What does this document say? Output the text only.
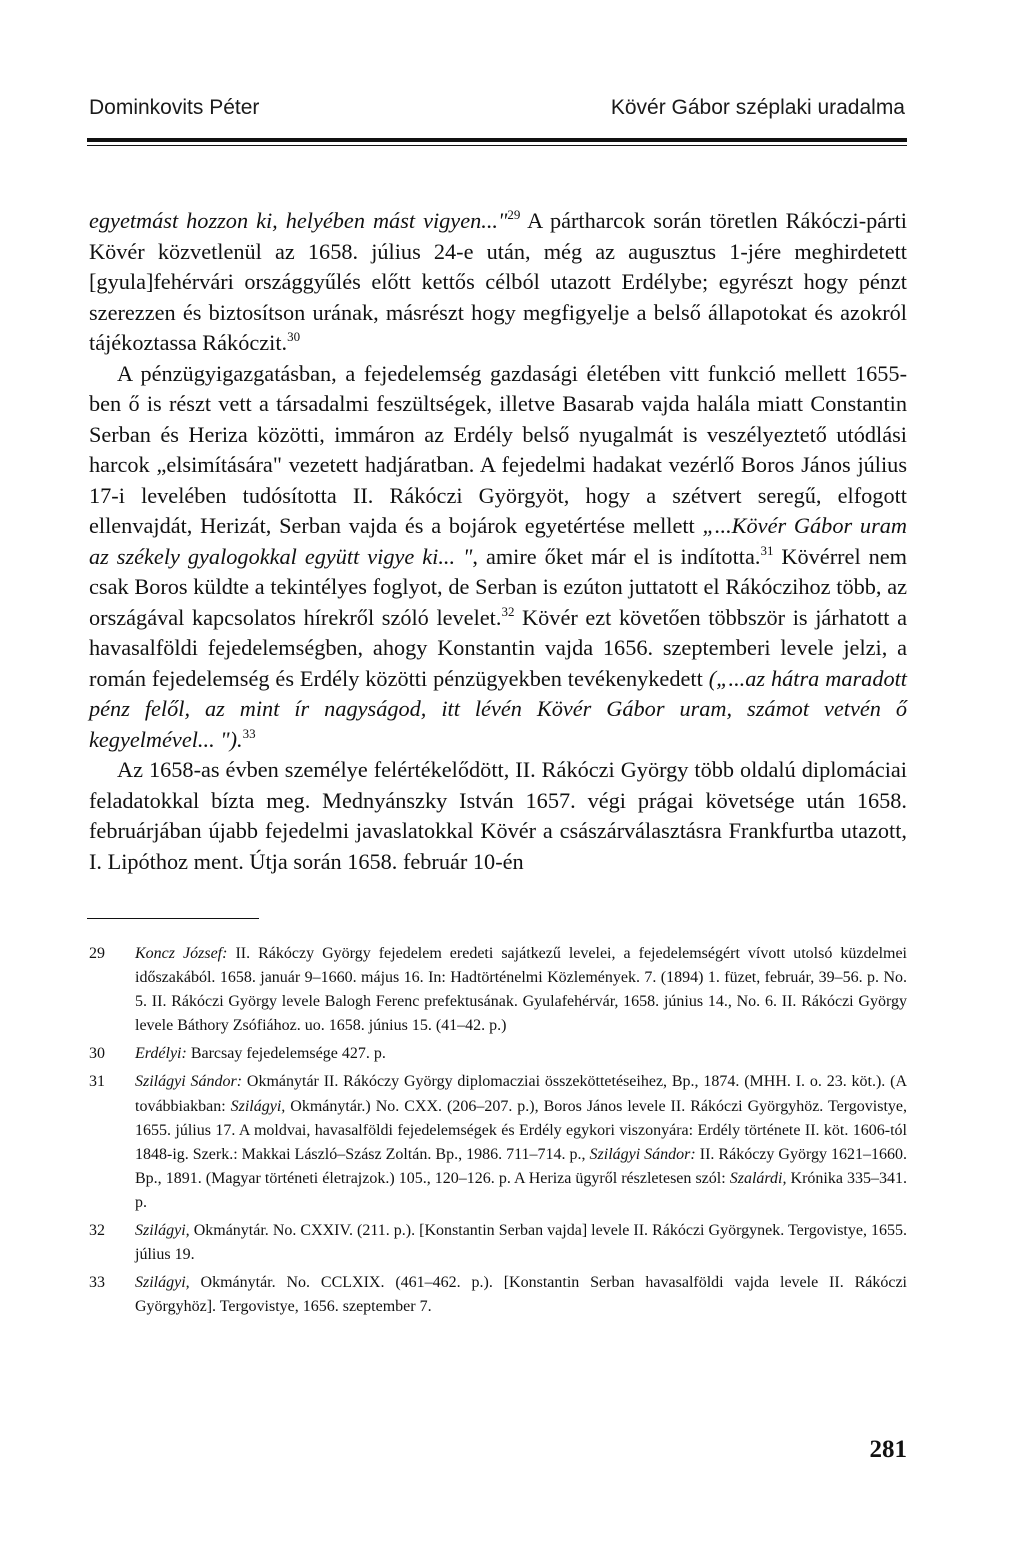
Dominkovits Péter	Kövér Gábor széplaki uradalma

egyetmást hozzon ki, helyében mást vigyen..."$^{29}$ A pártharcok során töretlen Rákóczi-párti Kövér közvetlenül az 1658. július 24-e után, még az augusztus 1-jére meghirdetett [gyula]fehérvári országgyűlés előtt kettős célból utazott Erdélybe; egyrészt hogy pénzt szerezzen és biztosítson urának, másrészt hogy megfigyelje a belső állapotokat és azokról tájékoztassa Rákóczit.$^{30}$

A pénzügyigazgatásban, a fejedelemség gazdasági életében vitt funkció mellett 1655-ben ő is részt vett a társadalmi feszültségek, illetve Basarab vajda halála miatt Constantin Serban és Heriza közötti, immáron az Erdély belső nyugalmát is veszélyeztető utódlási harcok „elsimítására" vezetett hadjáratban. A fejedelmi hadakat vezérlő Boros János július 17-i levelében tudósította II. Rákóczi Györgyöt, hogy a szétvert seregű, elfogott ellenvajdát, Herizát, Serban vajda és a bojárok egyetértése mellett „...Kövér Gábor uram az székely gyalogokkal együtt vigye ki... ", amire őket már el is indította.$^{31}$ Kövérrel nem csak Boros küldte a tekintélyes foglyot, de Serban is ezúton juttatott el Rákóczihoz több, az országával kapcsolatos hírekről szóló levelet.$^{32}$ Kövér ezt követően többször is járhatott a havasalföldi fejedelemségben, ahogy Konstantin vajda 1656. szeptemberi levele jelzi, a román fejedelemség és Erdély közötti pénzügyekben tevékenykedett („...az hátra maradott pénz felől, az mint ír nagyságod, itt lévén Kövér Gábor uram, számot vetvén ő kegyelmével... ").$^{33}$

Az 1658-as évben személye felértékelődött, II. Rákóczi György több oldalú diplomáciai feladatokkal bízta meg. Mednyánszky István 1657. végi prágai követsége után 1658. februárjában újabb fejedelmi javaslatokkal Kövér a császárválasztásra Frankfurtba utazott, I. Lipóthoz ment. Útja során 1658. február 10-én

29 Koncz József: II. Rákóczy György fejedelem eredeti sajátkezű levelei, a fejedelemségért vívott utolsó küzdelmei időszakából. 1658. január 9–1660. május 16. In: Hadtörténelmi Közlemények. 7. (1894) 1. füzet, február, 39–56. p. No. 5. II. Rákóczi György levele Balogh Ferenc prefektusának. Gyulafehérvár, 1658. június 14., No. 6. II. Rákóczi György levele Báthory Zsófiához. uo. 1658. június 15. (41–42. p.)
30 Erdélyi: Barcsay fejedelemsége 427. p.
31 Szilágyi Sándor: Okmánytár II. Rákóczy György diplomacziai összeköttetéseihez, Bp., 1874. (MHH. I. o. 23. köt.). (A továbbiakban: Szilágyi, Okmánytár.) No. CXX. (206–207. p.), Boros János levele II. Rákóczi Györgyhöz. Tergovistye, 1655. július 17. A moldvai, havasalföldi fejedelemségek és Erdély egykori viszonyára: Erdély története II. köt. 1606-tól 1848-ig. Szerk.: Makkai László–Szász Zoltán. Bp., 1986. 711–714. p., Szilágyi Sándor: II. Rákóczy György 1621–1660. Bp., 1891. (Magyar történeti életrajzok.) 105., 120–126. p. A Heriza ügyről részletesen szól: Szalárdi, Krónika 335–341. p.
32 Szilágyi, Okmánytár. No. CXXIV. (211. p.). [Konstantin Serban vajda] levele II. Rákóczi Györgynek. Tergovistye, 1655. július 19.
33 Szilágyi, Okmánytár. No. CCLXIX. (461–462. p.). [Konstantin Serban havasalföldi vajda levele II. Rákóczi Györgyhöz]. Tergovistye, 1656. szeptember 7.
281
